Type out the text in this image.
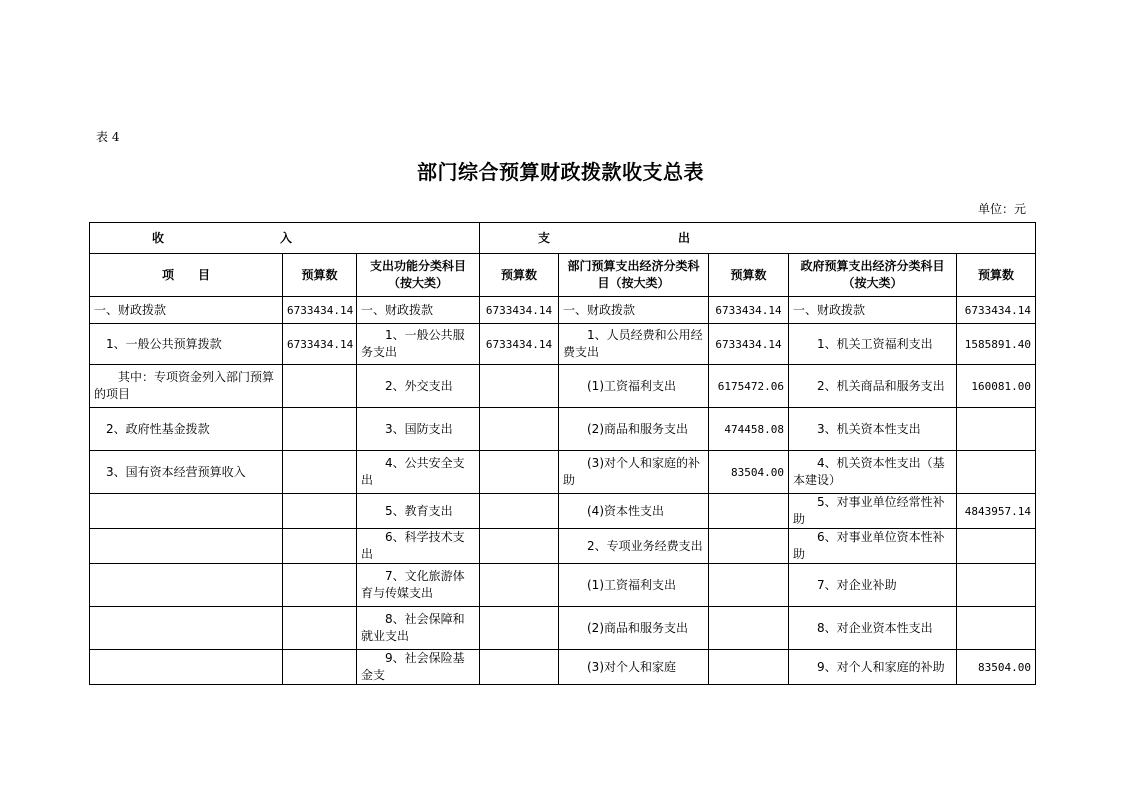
表 4
部门综合预算财政拨款收支总表
单位：元
收	入	支	出
项　　目	预算数	支出功能分类科目（按大类）	预算数	部门预算支出经济分类科目（按大类）	预算数	政府预算支出经济分类科目（按大类）	预算数
一、财政拨款	6733434.14	一、财政拨款	6733434.14	一、财政拨款	6733434.14	一、财政拨款	6733434.14
1、一般公共预算拨款	6733434.14	1、一般公共服务支出	6733434.14	1、人员经费和公用经费支出	6733434.14	1、机关工资福利支出	1585891.40
其中：专项资金列入部门预算的项目		2、外交支出		(1)工资福利支出	6175472.06	2、机关商品和服务支出	160081.00
2、政府性基金拨款		3、国防支出		(2)商品和服务支出	474458.08	3、机关资本性支出	
3、国有资本经营预算收入		4、公共安全支出		(3)对个人和家庭的补助	83504.00	4、机关资本性支出（基本建设）	
		5、教育支出		(4)资本性支出		5、对事业单位经常性补助	4843957.14
		6、科学技术支出		2、专项业务经费支出		6、对事业单位资本性补助	
		7、文化旅游体育与传媒支出		(1)工资福利支出		7、对企业补助	
		8、社会保障和就业支出		(2)商品和服务支出		8、对企业资本性支出	
		9、社会保险基金支		(3)对个人和家庭		9、对个人和家庭的补助	83504.00
